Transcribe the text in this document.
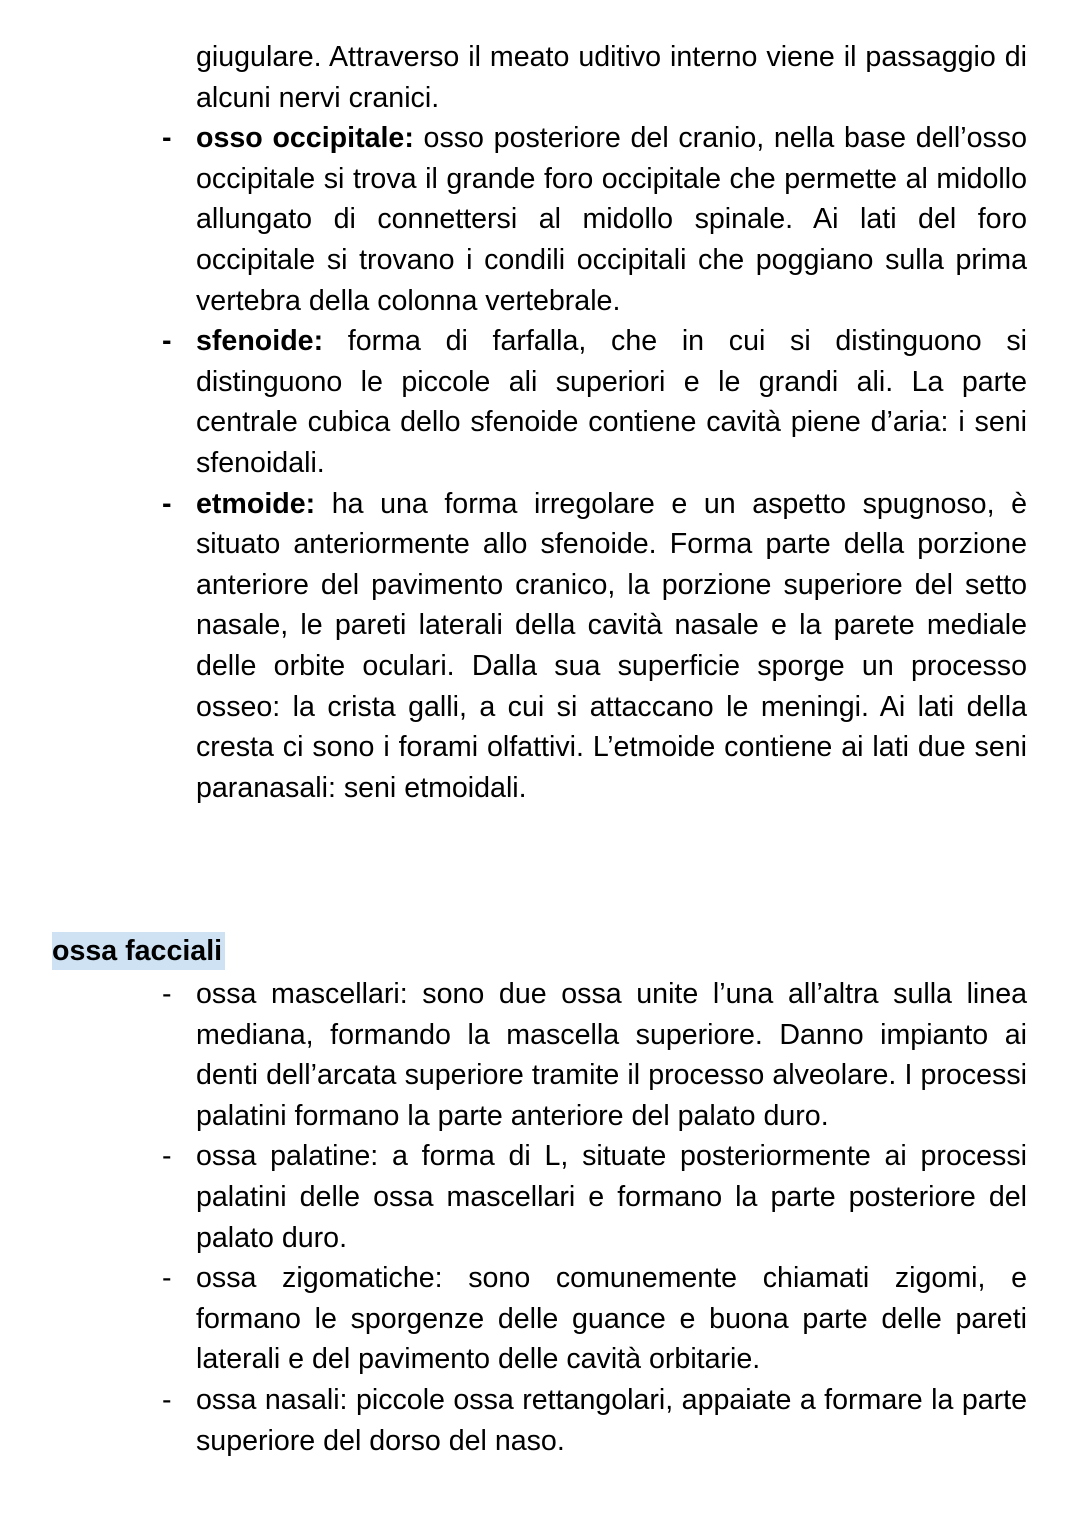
giugulare. Attraverso il meato uditivo interno viene il passaggio di alcuni nervi cranici.

- osso occipitale: osso posteriore del cranio, nella base dell’osso occipitale si trova il grande foro occipitale che permette al midollo allungato di connettersi al midollo spinale. Ai lati del foro occipitale si trovano i condili occipitali che poggiano sulla prima vertebra della colonna vertebrale.
- sfenoide: forma di farfalla, che in cui si distinguono si distinguono le piccole ali superiori e le grandi ali. La parte centrale cubica dello sfenoide contiene cavità piene d’aria: i seni sfenoidali.
- etmoide: ha una forma irregolare e un aspetto spugnoso, è situato anteriormente allo sfenoide. Forma parte della porzione anteriore del pavimento cranico, la porzione superiore del setto nasale, le pareti laterali della cavità nasale e la parete mediale delle orbite oculari. Dalla sua superficie sporge un processo osseo: la crista galli, a cui si attaccano le meningi. Ai lati della cresta ci sono i forami olfattivi. L’etmoide contiene ai lati due seni paranasali: seni etmoidali.
ossa facciali
- ossa mascellari: sono due ossa unite l’una all’altra sulla linea mediana, formando la mascella superiore. Danno impianto ai denti dell’arcata superiore tramite il processo alveolare. I processi palatini formano la parte anteriore del palato duro.
- ossa palatine: a forma di L, situate posteriormente ai processi palatini delle ossa mascellari e formano la parte posteriore del palato duro.
- ossa zigomatiche: sono comunemente chiamati zigomi, e formano le sporgenze delle guance e buona parte delle pareti laterali e del pavimento delle cavità orbitarie.
- ossa nasali: piccole ossa rettangolari, appaiate a formare la parte superiore del dorso del naso.
